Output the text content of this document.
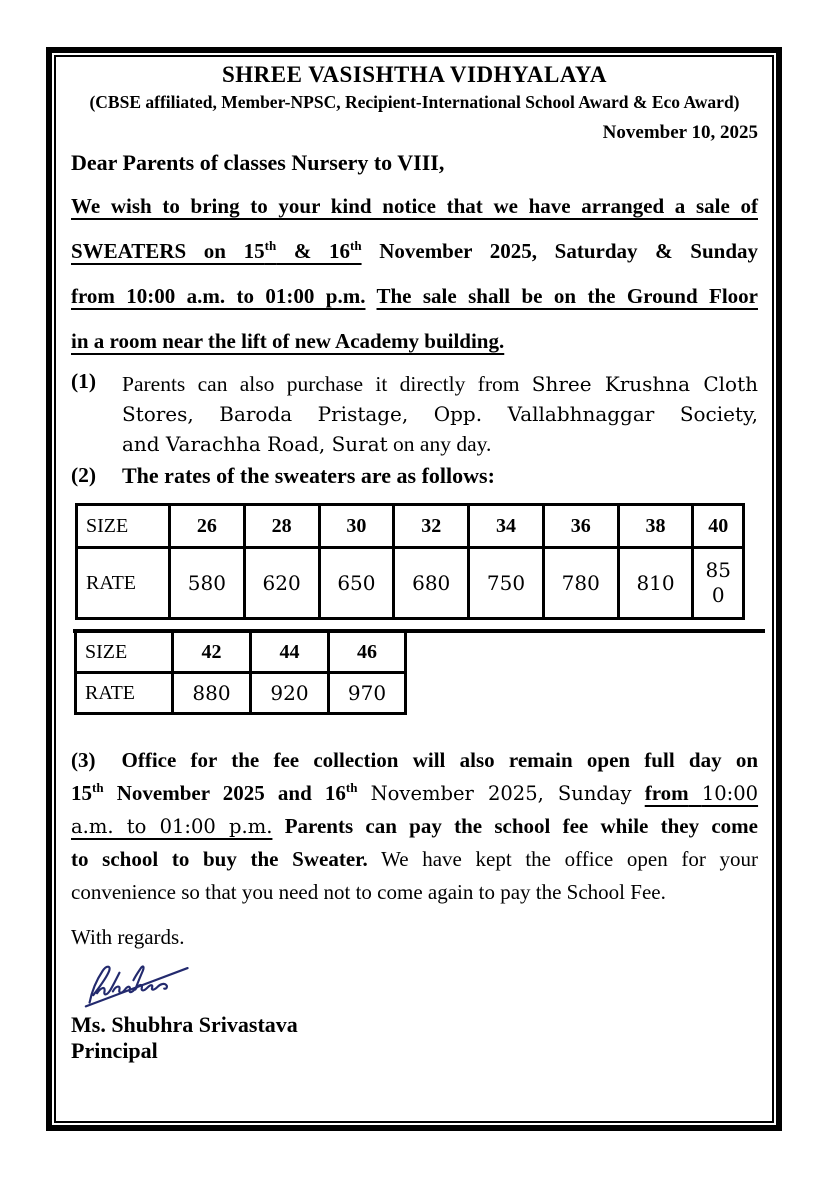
SHREE VASISHTHA VIDHYALAYA
(CBSE affiliated, Member-NPSC, Recipient-International School Award & Eco Award)
November 10, 2025
Dear Parents of classes Nursery to VIII,
We wish to bring to your kind notice that we have arranged a sale of
SWEATERS on 15th & 16th November 2025, Saturday & Sunday
from 10:00 a.m. to 01:00 p.m. The sale shall be on the Ground Floor
in a room near the lift of new Academy building.
(1)	Parents can also purchase it directly from Shree Krushna Cloth
Stores, Baroda Pristage, Opp. Vallabhnaggar Society,
and Varachha Road, Surat on any day.
(2)	The rates of the sweaters are as follows:
SIZE	26	28	30	32	34	36	38	40
RATE	580	620	650	680	750	780	810	850
SIZE	42	44	46
RATE	880	920	970
(3) Office for the fee collection will also remain open full day on
15th November 2025 and 16th November 2025, Sunday from 10:00
a.m. to 01:00 p.m. Parents can pay the school fee while they come
to school to buy the Sweater. We have kept the office open for your
convenience so that you need not to come again to pay the School Fee.
With regards.
Ms. Shubhra Srivastava
Principal
